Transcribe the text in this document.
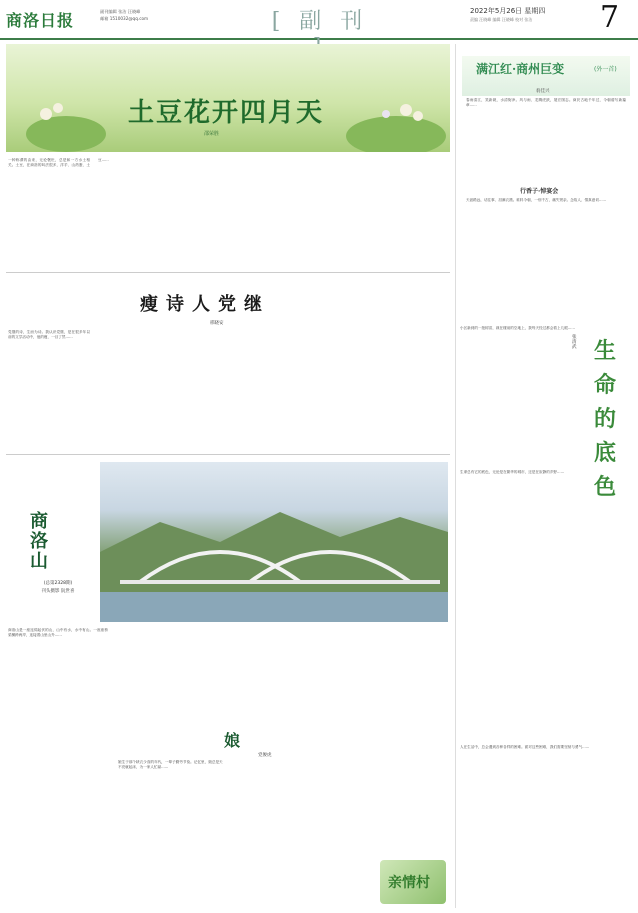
商洛日报	副刊编辑 张洁 汪晓峰
邮箱 1510032@qq.com	[ 副 刊	2022年5月26日 星期四
责编 汪晓峰 编辑 汪晓峰 校对 张洁	7
土豆花开四月天
邵荣胜
一种称谓的由来，无论褒贬，总是和一方水土相关。土豆，在商洛的叫法很多，洋芋、山药蛋、土豆……
满江红·商州巨变	(外一首)
翁佳兴
春雨清江，笑新貌，水清街净。风与雨、龙腾虎跃，展宏图志。商於古地千年过，今朝谱写新篇章……
行香子·悼宴会
天涯路远，话往事、泪满衣襟。谁料今朝，一别千古，痛失贤亲。念故人、情真意切……
瘦诗人党继
邢晓安
党继的诗，生而为诗。我认识党继，是在很多年以前的文学活动中，他的瘦，一目了然……
小区新到的一批树苗，栽在楼前的空地上，我每天经过都会看上几眼……
张清武 生命的底色
生命总有它的底色，无论是在繁华的城市，还是在寂静的乡野……
人在生活中，总会遇到各种各样的困难。面对这些困难，我们需要坚韧与勇气……
商洛山
(总第2328期)
刊头摄影 阮世喜
商洛山是一座连绵起伏的山，山中有水，水中有山。一座座桥梁横跨两岸，连接着山里山外……
娘
党俊虎
娘生于那个缺衣少食的年代，一辈子勤劳节俭。记忆里，娘总是天不亮就起床，为一家人忙碌……
亲情村
